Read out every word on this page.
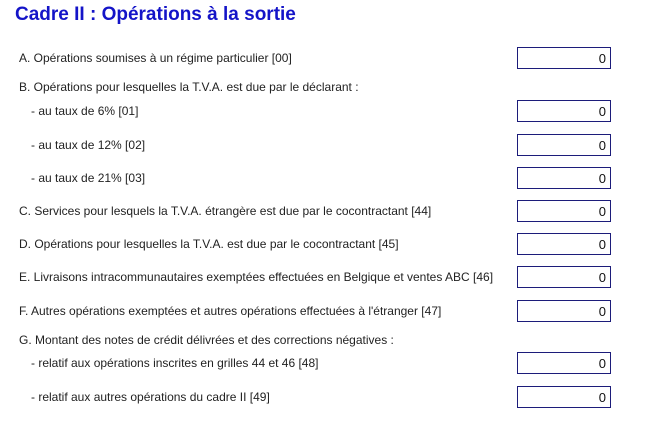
Cadre II : Opérations à la sortie
A. Opérations soumises à un régime particulier [00]
0
B. Opérations pour lesquelles la T.V.A. est due par le déclarant :
- au taux de 6% [01]
0
- au taux de 12% [02]
0
- au taux de 21% [03]
0
C. Services pour lesquels la T.V.A. étrangère est due par le cocontractant [44]
0
D. Opérations pour lesquelles la T.V.A. est due par le cocontractant [45]
0
E. Livraisons intracommunautaires exemptées effectuées en Belgique et ventes ABC [46]
0
F. Autres opérations exemptées et autres opérations effectuées à l'étranger [47]
0
G. Montant des notes de crédit délivrées et des corrections négatives :
- relatif aux opérations inscrites en grilles 44 et 46 [48]
0
- relatif aux autres opérations du cadre II [49]
0
